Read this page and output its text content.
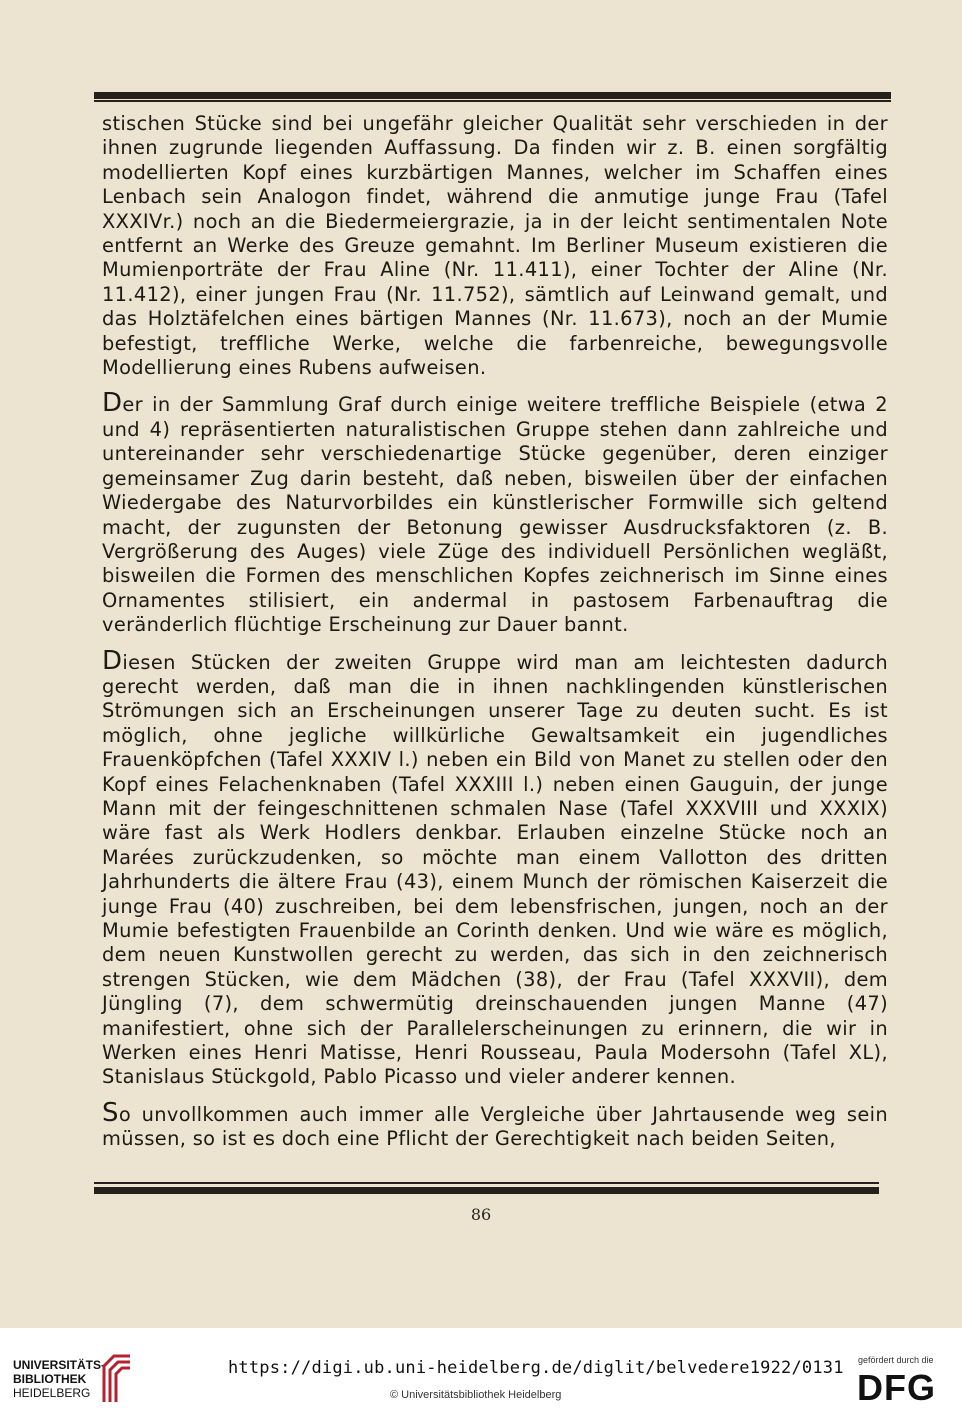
stischen Stücke sind bei ungefähr gleicher Qualität sehr verschieden in der ihnen zugrunde liegenden Auffassung. Da finden wir z. B. einen sorgfältig modellierten Kopf eines kurzbärtigen Mannes, welcher im Schaffen eines Lenbach sein Analogon findet, während die anmutige junge Frau (Tafel XXXIVr.) noch an die Biedermeiergrazie, ja in der leicht sentimentalen Note entfernt an Werke des Greuze gemahnt. Im Berliner Museum existieren die Mumienporträte der Frau Aline (Nr. 11.411), einer Tochter der Aline (Nr. 11.412), einer jungen Frau (Nr. 11.752), sämtlich auf Leinwand gemalt, und das Holztäfelchen eines bärtigen Mannes (Nr. 11.673), noch an der Mumie befestigt, treffliche Werke, welche die farbenreiche, bewegungsvolle Modellierung eines Rubens aufweisen.

Der in der Sammlung Graf durch einige weitere treffliche Beispiele (etwa 2 und 4) repräsentierten naturalistischen Gruppe stehen dann zahlreiche und untereinander sehr verschiedenartige Stücke gegenüber, deren einziger gemeinsamer Zug darin besteht, daß neben, bisweilen über der einfachen Wiedergabe des Naturvorbildes ein künstlerischer Formwille sich geltend macht, der zugunsten der Betonung gewisser Ausdrucksfaktoren (z. B. Vergrößerung des Auges) viele Züge des individuell Persönlichen wegläßt, bisweilen die Formen des menschlichen Kopfes zeichnerisch im Sinne eines Ornamentes stilisiert, ein andermal in pastosem Farbenauftrag die veränderlich flüchtige Erscheinung zur Dauer bannt.

Diesen Stücken der zweiten Gruppe wird man am leichtesten dadurch gerecht werden, daß man die in ihnen nachklingenden künstlerischen Strömungen sich an Erscheinungen unserer Tage zu deuten sucht. Es ist möglich, ohne jegliche willkürliche Gewaltsamkeit ein jugendliches Frauenköpfchen (Tafel XXXIV l.) neben ein Bild von Manet zu stellen oder den Kopf eines Felachenknaben (Tafel XXXIII l.) neben einen Gauguin, der junge Mann mit der feingeschnittenen schmalen Nase (Tafel XXXVIII und XXXIX) wäre fast als Werk Hodlers denkbar. Erlauben einzelne Stücke noch an Marées zurückzudenken, so möchte man einem Vallotton des dritten Jahrhunderts die ältere Frau (43), einem Munch der römischen Kaiserzeit die junge Frau (40) zuschreiben, bei dem lebensfrischen, jungen, noch an der Mumie befestigten Frauenbilde an Corinth denken. Und wie wäre es möglich, dem neuen Kunstwollen gerecht zu werden, das sich in den zeichnerisch strengen Stücken, wie dem Mädchen (38), der Frau (Tafel XXXVII), dem Jüngling (7), dem schwermütig dreinschauenden jungen Manne (47) manifestiert, ohne sich der Parallelerscheinungen zu erinnern, die wir in Werken eines Henri Matisse, Henri Rousseau, Paula Modersohn (Tafel XL), Stanislaus Stückgold, Pablo Picasso und vieler anderer kennen.

So unvollkommen auch immer alle Vergleiche über Jahrtausende weg sein müssen, so ist es doch eine Pflicht der Gerechtigkeit nach beiden Seiten,

86
UNIVERSITÄTS-
BIBLIOTHEK
HEIDELBERG
https://digi.ub.uni-heidelberg.de/diglit/belvedere1922/0131
© Universitätsbibliothek Heidelberg
gefördert durch die
DFG
